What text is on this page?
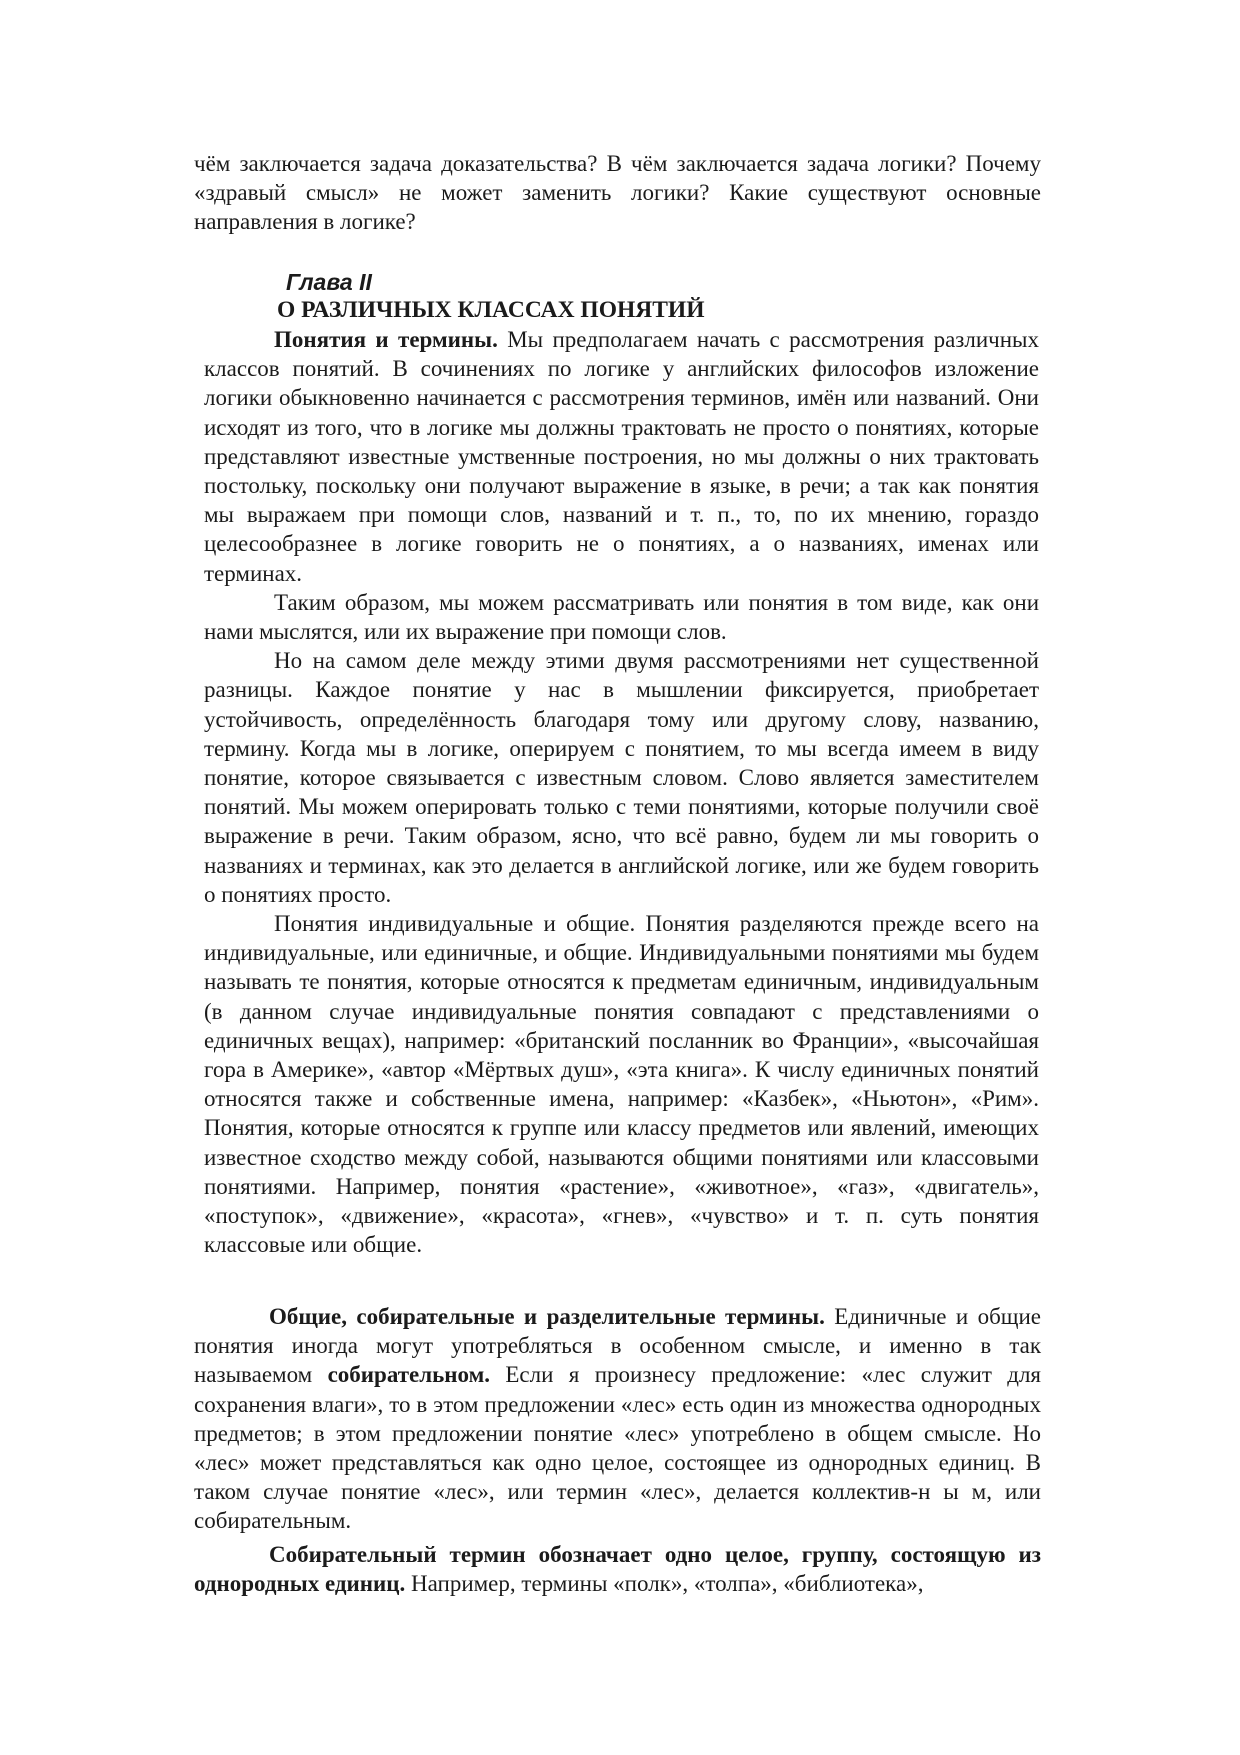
чём заключается задача доказательства? В чём заключается задача логики? Почему «здравый смысл» не может заменить логики? Какие существуют основные направления в логике?

Глава II

О РАЗЛИЧНЫХ КЛАССАХ ПОНЯТИЙ

Понятия и термины. Мы предполагаем начать с рассмотрения различных классов понятий. В сочинениях по логике у английских философов изложение логики обыкновенно начинается с рассмотрения терминов, имён или названий. Они исходят из того, что в логике мы должны трактовать не просто о понятиях, которые представляют известные умственные построения, но мы должны о них трактовать постольку, поскольку они получают выражение в языке, в речи; а так как понятия мы выражаем при помощи слов, названий и т. п., то, по их мнению, гораздо целесообразнее в логике говорить не о понятиях, а о названиях, именах или терминах.

Таким образом, мы можем рассматривать или понятия в том виде, как они нами мыслятся, или их выражение при помощи слов.

Но на самом деле между этими двумя рассмотрениями нет существенной разницы. Каждое понятие у нас в мышлении фиксируется, приобретает устойчивость, определённость благодаря тому или другому слову, названию, термину. Когда мы в логике, оперируем с понятием, то мы всегда имеем в виду понятие, которое связывается с известным словом. Слово является заместителем понятий. Мы можем оперировать только с теми понятиями, которые получили своё выражение в речи. Таким образом, ясно, что всё равно, будем ли мы говорить о названиях и терминах, как это делается в английской логике, или же будем говорить о понятиях просто.

Понятия индивидуальные и общие. Понятия разделяются прежде всего на индивидуальные, или единичные, и общие. Индивидуальными понятиями мы будем называть те понятия, которые относятся к предметам единичным, индивидуальным (в данном случае индивидуальные понятия совпадают с представлениями о единичных вещах), например: «британский посланник во Франции», «высочайшая гора в Америке», «автор «Мёртвых душ», «эта книга». К числу единичных понятий относятся также и собственные имена, например: «Казбек», «Ньютон», «Рим». Понятия, которые относятся к группе или классу предметов или явлений, имеющих известное сходство между собой, называются общими понятиями или классовыми понятиями. Например, понятия «растение», «животное», «газ», «двигатель», «поступок», «движение», «красота», «гнев», «чувство» и т. п. суть понятия классовые или общие.

Общие, собирательные и разделительные термины. Единичные и общие понятия иногда могут употребляться в особенном смысле, и именно в так называемом собирательном. Если я произнесу предложение: «лес служит для сохранения влаги», то в этом предложении «лес» есть один из множества однородных предметов; в этом предложении понятие «лес» употреблено в общем смысле. Но «лес» может представляться как одно целое, состоящее из однородных единиц. В таком случае понятие «лес», или термин «лес», делается коллектив-н ы м, или собирательным.

Собирательный термин обозначает одно целое, группу, состоящую из однородных единиц. Например, термины «полк», «толпа», «библиотека»,
